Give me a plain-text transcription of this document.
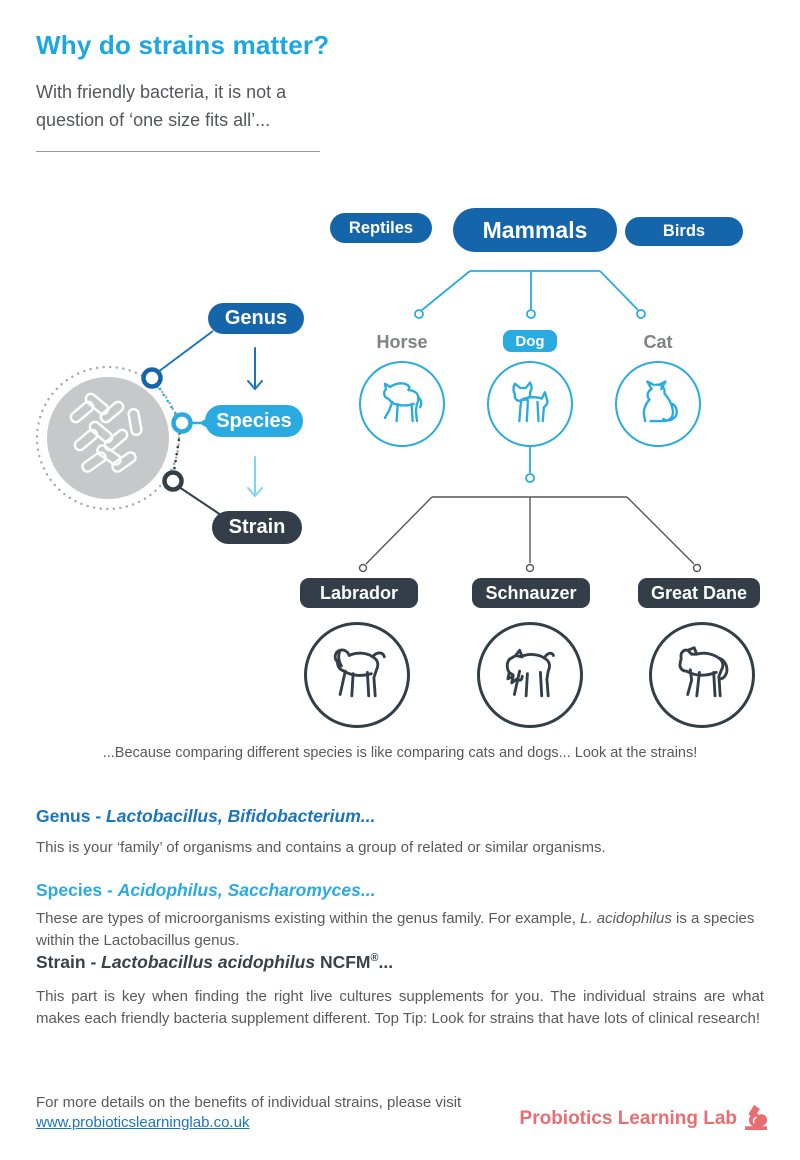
Why do strains matter?
With friendly bacteria, it is not a
question of ‘one size fits all’...
Reptiles	Mammals	Birds
Horse	Dog	Cat
Genus
Species
Strain
Labrador	Schnauzer	Great Dane
...Because comparing different species is like comparing cats and dogs... Look at the strains!
Genus - Lactobacillus, Bifidobacterium...
This is your ‘family’ of organisms and contains a group of related or similar organisms.
Species - Acidophilus, Saccharomyces...
These are types of microorganisms existing within the genus family. For example, L. acidophilus is a species within the Lactobacillus genus.
Strain - Lactobacillus acidophilus NCFM®...
This part is key when finding the right live cultures supplements for you. The individual strains are what makes each friendly bacteria supplement different. Top Tip: Look for strains that have lots of clinical research!
For more details on the benefits of individual strains, please visit
www.probioticslearninglab.co.uk	Probiotics Learning Lab
